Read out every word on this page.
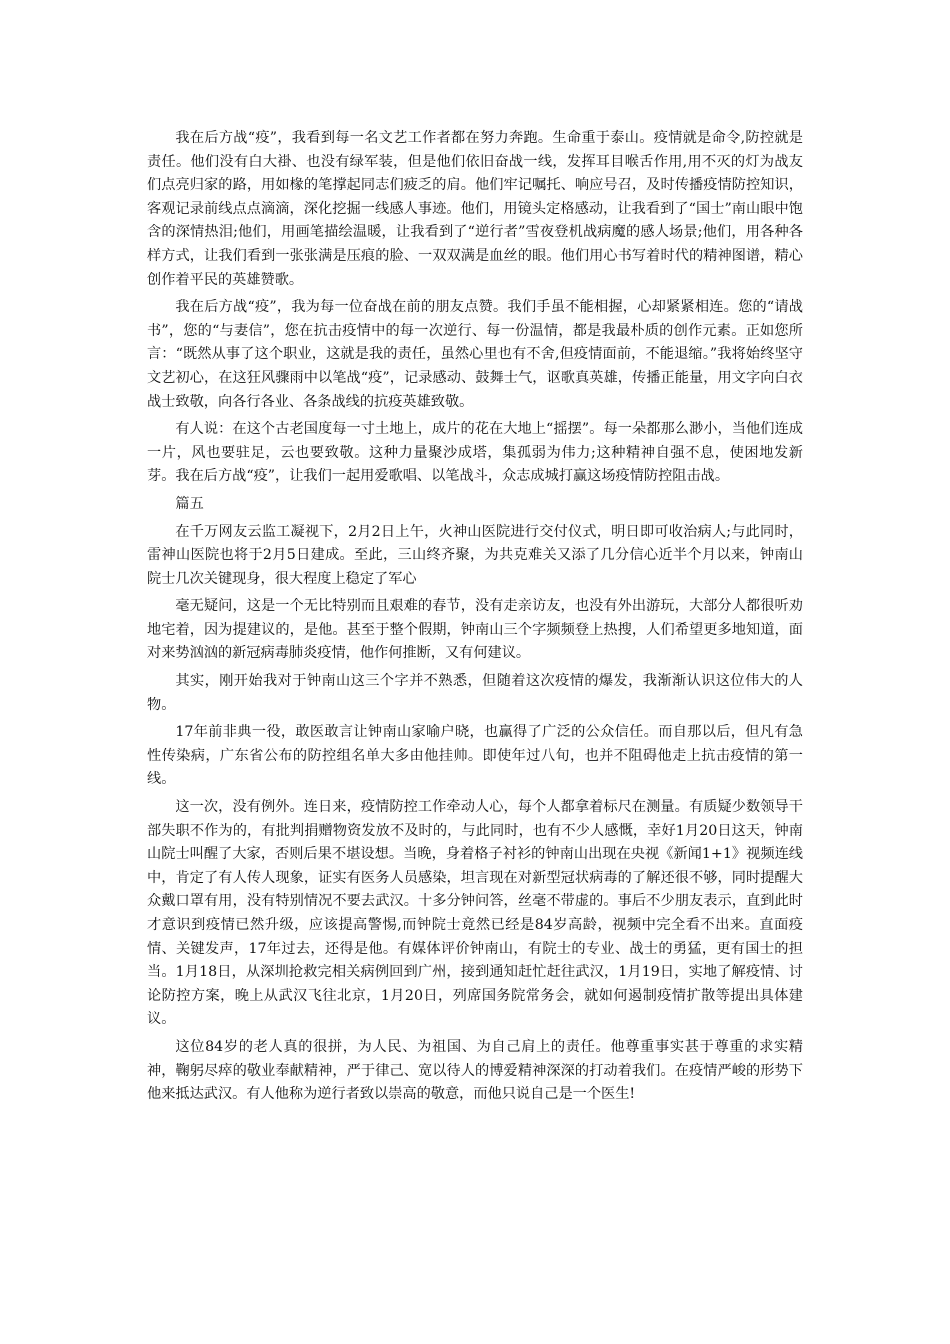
我在后方战“疫”，我看到每一名文艺工作者都在努力奔跑。生命重于泰山。疫情就是命令,防控就是责任。他们没有白大褂、也没有绿军装，但是他们依旧奋战一线，发挥耳目喉舌作用,用不灭的灯为战友们点亮归家的路，用如椽的笔撑起同志们疲乏的肩。他们牢记嘱托、响应号召，及时传播疫情防控知识，客观记录前线点点滴滴，深化挖掘一线感人事迹。他们，用镜头定格感动，让我看到了“国士”南山眼中饱含的深情热泪;他们，用画笔描绘温暖，让我看到了“逆行者”雪夜登机战病魔的感人场景;他们，用各种各样方式，让我们看到一张张满是压痕的脸、一双双满是血丝的眼。他们用心书写着时代的精神图谱，精心创作着平民的英雄赞歌。

我在后方战“疫”，我为每一位奋战在前的朋友点赞。我们手虽不能相握，心却紧紧相连。您的“请战书”，您的“与妻信”，您在抗击疫情中的每一次逆行、每一份温情，都是我最朴质的创作元素。正如您所言：“既然从事了这个职业，这就是我的责任，虽然心里也有不舍,但疫情面前，不能退缩。”我将始终坚守文艺初心，在这狂风骤雨中以笔战“疫”，记录感动、鼓舞士气，讴歌真英雄，传播正能量，用文字向白衣战士致敬，向各行各业、各条战线的抗疫英雄致敬。

有人说：在这个古老国度每一寸土地上，成片的花在大地上“摇摆”。每一朵都那么渺小，当他们连成一片，风也要驻足，云也要致敬。这种力量聚沙成塔，集孤弱为伟力;这种精神自强不息，使困地发新芽。我在后方战“疫”，让我们一起用爱歌唱、以笔战斗，众志成城打赢这场疫情防控阻击战。

篇五

在千万网友云监工凝视下，2月2日上午，火神山医院进行交付仪式，明日即可收治病人;与此同时，雷神山医院也将于2月5日建成。至此，三山终齐聚，为共克难关又添了几分信心近半个月以来，钟南山院士几次关键现身，很大程度上稳定了军心

毫无疑问，这是一个无比特别而且艰难的春节，没有走亲访友，也没有外出游玩，大部分人都很听劝地宅着，因为提建议的，是他。甚至于整个假期，钟南山三个字频频登上热搜，人们希望更多地知道，面对来势汹汹的新冠病毒肺炎疫情，他作何推断，又有何建议。

其实，刚开始我对于钟南山这三个字并不熟悉，但随着这次疫情的爆发，我渐渐认识这位伟大的人物。

17年前非典一役，敢医敢言让钟南山家喻户晓，也赢得了广泛的公众信任。而自那以后，但凡有急性传染病，广东省公布的防控组名单大多由他挂帅。即使年过八旬，也并不阻碍他走上抗击疫情的第一线。

这一次，没有例外。连日来，疫情防控工作牵动人心，每个人都拿着标尺在测量。有质疑少数领导干部失职不作为的，有批判捐赠物资发放不及时的，与此同时，也有不少人感慨，幸好1月20日这天，钟南山院士叫醒了大家，否则后果不堪设想。当晚，身着格子衬衫的钟南山出现在央视《新闻1+1》视频连线中，肯定了有人传人现象，证实有医务人员感染，坦言现在对新型冠状病毒的了解还很不够，同时提醒大众戴口罩有用，没有特别情况不要去武汉。十多分钟问答，丝毫不带虚的。事后不少朋友表示，直到此时才意识到疫情已然升级，应该提高警惕,而钟院士竟然已经是84岁高龄，视频中完全看不出来。直面疫情、关键发声，17年过去，还得是他。有媒体评价钟南山，有院士的专业、战士的勇猛，更有国士的担当。1月18日，从深圳抢救完相关病例回到广州，接到通知赶忙赶往武汉，1月19日，实地了解疫情、讨论防控方案，晚上从武汉飞往北京，1月20日，列席国务院常务会，就如何遏制疫情扩散等提出具体建议。

这位84岁的老人真的很拼，为人民、为祖国、为自己肩上的责任。他尊重事实甚于尊重的求实精神，鞠躬尽瘁的敬业奉献精神，严于律己、宽以待人的博爱精神深深的打动着我们。在疫情严峻的形势下他来抵达武汉。有人他称为逆行者致以崇高的敬意，而他只说自己是一个医生!
